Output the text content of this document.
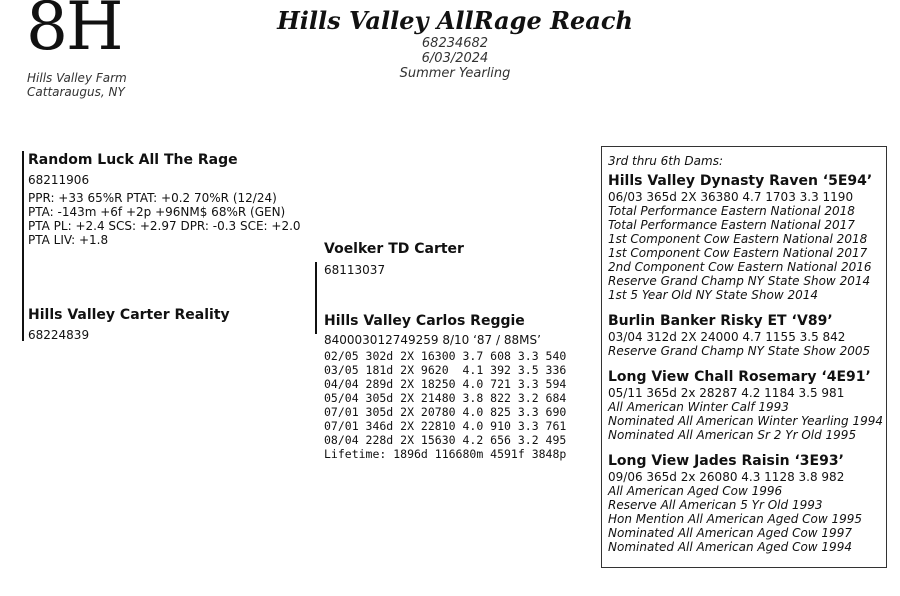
8H
Hills Valley Farm
Cattaraugus, NY
Hills Valley AllRage Reach
68234682
6/03/2024
Summer Yearling
Random Luck All The Rage
68211906
PPR: +33 65%R PTAT: +0.2 70%R (12/24)
PTA: -143m +6f +2p +96NM$ 68%R (GEN)
PTA PL: +2.4 SCS: +2.97 DPR: -0.3 SCE: +2.0
PTA LIV: +1.8
Hills Valley Carter Reality
68224839
Voelker TD Carter
68113037
Hills Valley Carlos Reggie
840003012749259 8/10 ‘87 / 88MS’
02/05 302d 2X 16300 3.7 608 3.3 540
03/05 181d 2X 9620  4.1 392 3.5 336
04/04 289d 2X 18250 4.0 721 3.3 594
05/04 305d 2X 21480 3.8 822 3.2 684
07/01 305d 2X 20780 4.0 825 3.3 690
07/01 346d 2X 22810 4.0 910 3.3 761
08/04 228d 2X 15630 4.2 656 3.2 495
Lifetime: 1896d 116680m 4591f 3848p
3rd thru 6th Dams:
Hills Valley Dynasty Raven ‘5E94’
06/03 365d 2X 36380 4.7 1703 3.3 1190
Total Performance Eastern National 2018
Total Performance Eastern National 2017
1st Component Cow Eastern National 2018
1st Component Cow Eastern National 2017
2nd Component Cow Eastern National 2016
Reserve Grand Champ NY State Show 2014
1st 5 Year Old NY State Show 2014
Burlin Banker Risky ET ‘V89’
03/04 312d 2X 24000 4.7 1155 3.5 842
Reserve Grand Champ NY State Show 2005
Long View Chall Rosemary ‘4E91’
05/11 365d 2x 28287 4.2 1184 3.5 981
All American Winter Calf 1993
Nominated All American Winter Yearling 1994
Nominated All American Sr 2 Yr Old 1995
Long View Jades Raisin ‘3E93’
09/06 365d 2x 26080 4.3 1128 3.8 982
All American Aged Cow 1996
Reserve All American 5 Yr Old 1993
Hon Mention All American Aged Cow 1995
Nominated All American Aged Cow 1997
Nominated All American Aged Cow 1994
